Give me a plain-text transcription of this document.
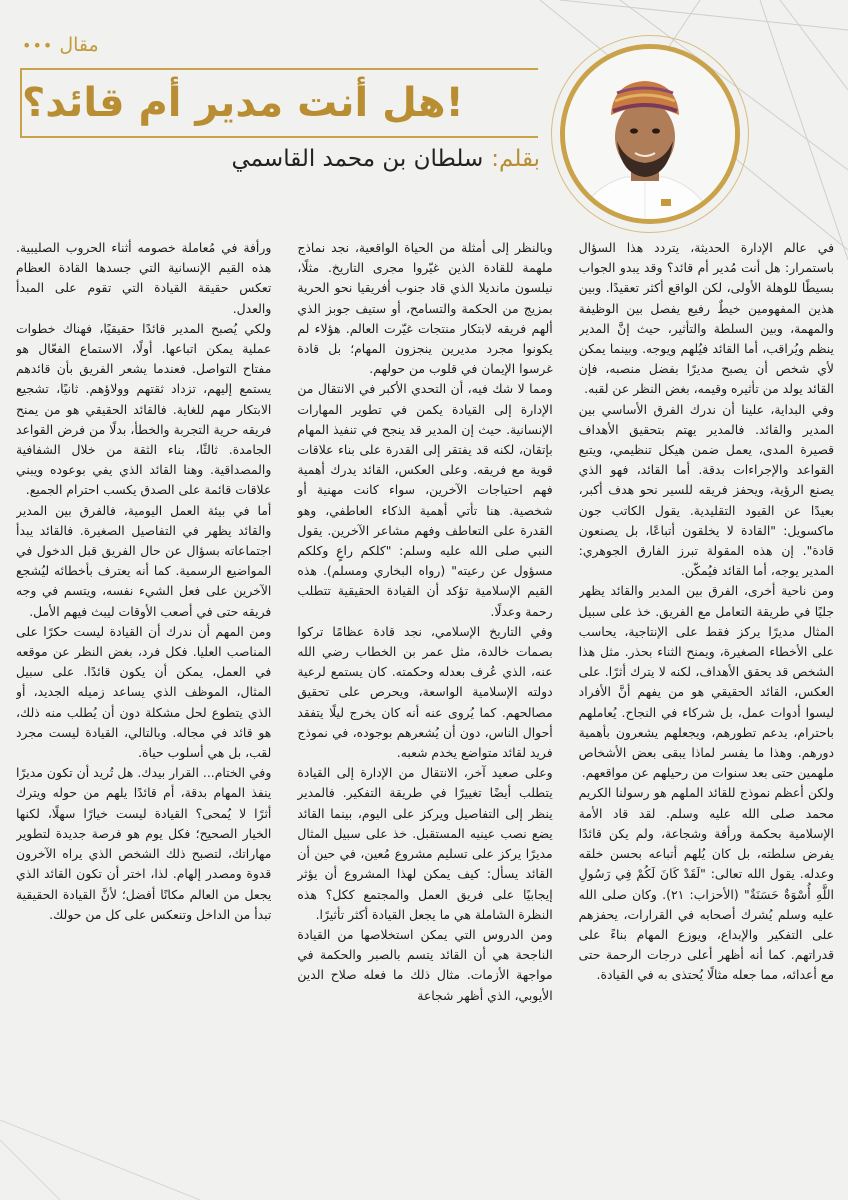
مقال
•••
!هل أنت مدير أم قائد؟
بقلم:
سلطان بن محمد القاسمي

في عالم الإدارة الحديثة، يتردد هذا السؤال باستمرار: هل أنت مُدير أم قائد؟ وقد يبدو الجواب بسيطًا للوهلة الأولى، لكن الواقع أكثر تعقيدًا. وبين هذين المفهومين خيطٌ رفيع يفصل بين الوظيفة والمهمة، وبين السلطة والتأثير، حيث إنَّ المدير ينظم ويُراقب، أما القائد فيُلهم ويوجه. وبينما يمكن لأي شخص أن يصبح مديرًا بفضل منصبه، فإن القائد يولد من تأثيره وقيمه، بغض النظر عن لقبه.

وفي البداية، علينا أن ندرك الفرق الأساسي بين المدير والقائد. فالمدير يهتم بتحقيق الأهداف قصيرة المدى، يعمل ضمن هيكل تنظيمي، ويتبع القواعد والإجراءات بدقة. أما القائد، فهو الذي يصنع الرؤية، ويحفز فريقه للسير نحو هدف أكبر، بعيدًا عن القيود التقليدية. يقول الكاتب جون ماكسويل: "القادة لا يخلقون أتباعًا، بل يصنعون قادة". إن هذه المقولة تبرز الفارق الجوهري: المدير يوجه، أما القائد فيُمكّن.

ومن ناحية أخرى، الفرق بين المدير والقائد يظهر جليًا في طريقة التعامل مع الفريق. خذ على سبيل المثال مديرًا يركز فقط على الإنتاجية، يحاسب على الأخطاء الصغيرة، ويمنح الثناء بحذر. مثل هذا الشخص قد يحقق الأهداف، لكنه لا يترك أثرًا. على العكس، القائد الحقيقي هو من يفهم أنَّ الأفراد ليسوا أدوات عمل، بل شركاء في النجاح. يُعاملهم باحترام، يدعم تطورهم، ويجعلهم يشعرون بأهمية دورهم. وهذا ما يفسر لماذا يبقى بعض الأشخاص ملهمين حتى بعد سنوات من رحيلهم عن مواقعهم.

ولكن أعظم نموذج للقائد الملهم هو رسولنا الكريم محمد صلى الله عليه وسلم. لقد قاد الأمة الإسلامية بحكمة ورأفة وشجاعة، ولم يكن قائدًا يفرض سلطته، بل كان يُلهم أتباعه بحسن خلقه وعدله. يقول الله تعالى: "لَقَدْ كَانَ لَكُمْ فِي رَسُولِ اللَّهِ أُسْوَةٌ حَسَنَةٌ" (الأحزاب: ٢١). وكان صلى الله عليه وسلم يُشرك أصحابه في القرارات، يحفزهم على التفكير والإبداع، ويوزع المهام بناءً على قدراتهم. كما أنه أظهر أعلى درجات الرحمة حتى مع أعدائه، مما جعله مثالًا يُحتذى به في القيادة.

وبالنظر إلى أمثلة من الحياة الواقعية، نجد نماذج ملهمة للقادة الذين غيّروا مجرى التاريخ. مثلًا، نيلسون مانديلا الذي قاد جنوب أفريقيا نحو الحرية بمزيج من الحكمة والتسامح، أو ستيف جوبز الذي ألهم فريقه لابتكار منتجات غيّرت العالم. هؤلاء لم يكونوا مجرد مديرين ينجزون المهام؛ بل قادة غرسوا الإيمان في قلوب من حولهم.

ومما لا شك فيه، أن التحدي الأكبر في الانتقال من الإدارة إلى القيادة يكمن في تطوير المهارات الإنسانية. حيث إن المدير قد ينجح في تنفيذ المهام بإتقان، لكنه قد يفتقر إلى القدرة على بناء علاقات قوية مع فريقه. وعلى العكس، القائد يدرك أهمية فهم احتياجات الآخرين، سواء كانت مهنية أو شخصية. هنا تأتي أهمية الذكاء العاطفي، وهو القدرة على التعاطف وفهم مشاعر الآخرين. يقول النبي صلى الله عليه وسلم: "كلكم راعٍ وكلكم مسؤول عن رعيته" (رواه البخاري ومسلم). هذه القيم الإسلامية تؤكد أن القيادة الحقيقية تتطلب رحمة وعدلًا.

وفي التاريخ الإسلامي، نجد قادة عظامًا تركوا بصمات خالدة، مثل عمر بن الخطاب رضي الله عنه، الذي عُرف بعدله وحكمته. كان يستمع لرعية دولته الإسلامية الواسعة، ويحرص على تحقيق مصالحهم. كما يُروى عنه أنه كان يخرج ليلًا يتفقد أحوال الناس، دون أن يُشعرهم بوجوده، في نموذج فريد لقائد متواضع يخدم شعبه.

وعلى صعيد آخر، الانتقال من الإدارة إلى القيادة يتطلب أيضًا تغييرًا في طريقة التفكير. فالمدير ينظر إلى التفاصيل ويركز على اليوم، بينما القائد يضع نصب عينيه المستقبل. خذ على سبيل المثال مديرًا يركز على تسليم مشروع مُعين، في حين أن القائد يسأل: كيف يمكن لهذا المشروع أن يؤثر إيجابيًا على فريق العمل والمجتمع ككل؟ هذه النظرة الشاملة هي ما يجعل القيادة أكثر تأثيرًا.

ومن الدروس التي يمكن استخلاصها من القيادة الناجحة هي أن القائد يتسم بالصبر والحكمة في مواجهة الأزمات. مثال ذلك ما فعله صلاح الدين الأيوبي، الذي أظهر شجاعة

ورأفة في مُعاملة خصومه أثناء الحروب الصليبية. هذه القيم الإنسانية التي جسدها القادة العظام تعكس حقيقة القيادة التي تقوم على المبدأ والعدل.

ولكي يُصبح المدير قائدًا حقيقيًا، فهناك خطوات عملية يمكن اتباعها. أولًا، الاستماع الفعّال هو مفتاح التواصل. فعندما يشعر الفريق بأن قائدهم يستمع إليهم، تزداد ثقتهم وولاؤهم. ثانيًا، تشجيع الابتكار مهم للغاية. فالقائد الحقيقي هو من يمنح فريقه حرية التجربة والخطأ، بدلًا من فرض القواعد الجامدة. ثالثًا، بناء الثقة من خلال الشفافية والمصداقية. وهنا القائد الذي يفي بوعوده ويبني علاقات قائمة على الصدق يكسب احترام الجميع.

أما في بيئة العمل اليومية، فالفرق بين المدير والقائد يظهر في التفاصيل الصغيرة. فالقائد يبدأ اجتماعاته بسؤال عن حال الفريق قبل الدخول في المواضيع الرسمية. كما أنه يعترف بأخطائه ليُشجع الآخرين على فعل الشيء نفسه، ويتسم في وجه فريقه حتى في أصعب الأوقات ليبث فيهم الأمل.

ومن المهم أن ندرك أن القيادة ليست حكرًا على المناصب العليا. فكل فرد، بغض النظر عن موقعه في العمل، يمكن أن يكون قائدًا. على سبيل المثال، الموظف الذي يساعد زميله الجديد، أو الذي يتطوع لحل مشكلة دون أن يُطلب منه ذلك، هو قائد في مجاله. وبالتالي، القيادة ليست مجرد لقب، بل هي أسلوب حياة.

وفي الختام... القرار بيدك. هل تُريد أن تكون مديرًا ينفذ المهام بدقة، أم قائدًا يلهم من حوله ويترك أثرًا لا يُمحى؟ القيادة ليست خيارًا سهلًا، لكنها الخيار الصحيح؛ فكل يوم هو فرصة جديدة لتطوير مهاراتك، لتصبح ذلك الشخص الذي يراه الآخرون قدوة ومصدر إلهام. لذا، اختر أن تكون القائد الذي يجعل من العالم مكانًا أفضل؛ لأنَّ القيادة الحقيقية تبدأ من الداخل وتنعكس على كل من حولك.
